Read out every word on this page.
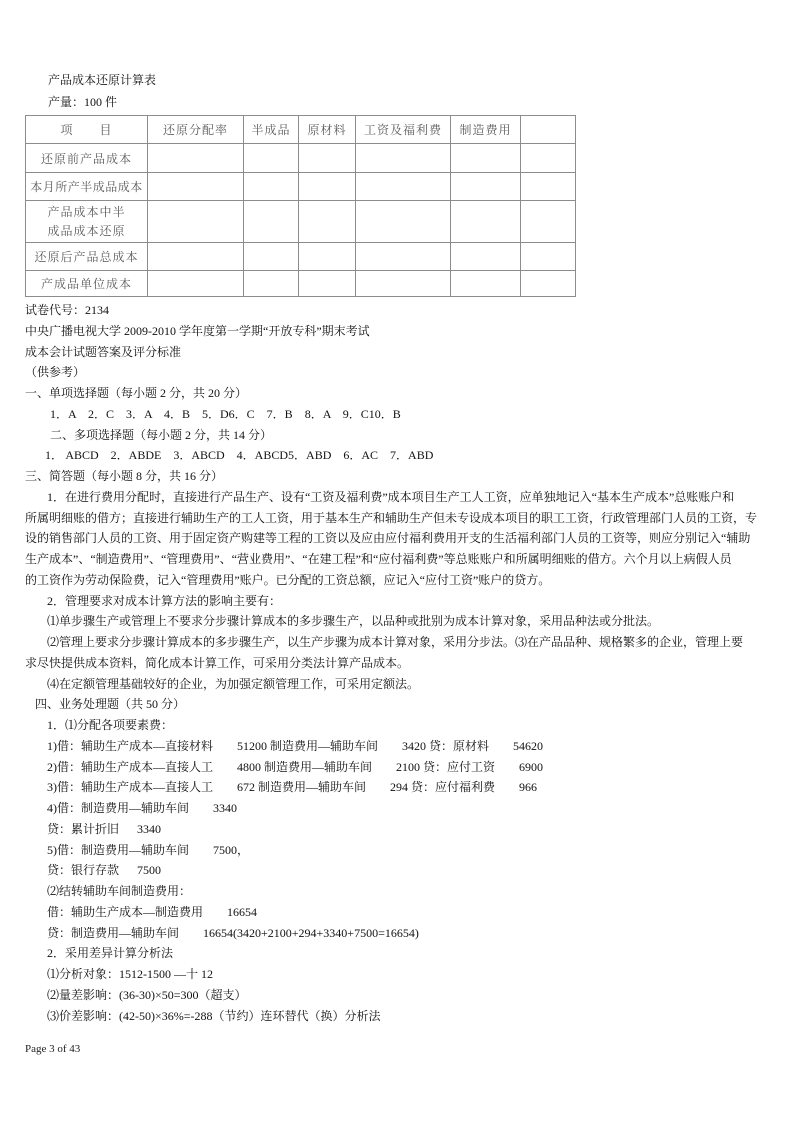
产品成本还原计算表
产量：100 件
项　　目	还原分配率	半成品	原材料	工资及福利费	制造费用	
还原前产品成本						
本月所产半成品成本						

产品成本中半
成品成本还原						

还原后产品总成本						
产成品单位成本						
试卷代号：2134
中央广播电视大学 2009-2010 学年度第一学期“开放专科”期末考试
成本会计试题答案及评分标准
（供参考）
一、单项选择题（每小题 2 分，共 20 分）
1．A    2．C    3．A    4．B    5．D6．C    7．B    8．A    9．C10．B
二、多项选择题（每小题 2 分，共 14 分）
1． ABCD    2．ABDE    3．ABCD    4．ABCD5．ABD    6．AC    7．ABD
三、简答题（每小题 8 分，共 16 分）
1．在进行费用分配时，直接进行产品生产、设有“工资及福利费”成本项目生产工人工资，应单独地记入“基本生产成本”总账账户和
所属明细账的借方；直接进行辅助生产的工人工资，用于基本生产和辅助生产但未专设成本项目的职工工资，行政管理部门人员的工资，专
设的销售部门人员的工资、用于固定资产购建等工程的工资以及应由应付福利费用开支的生活福利部门人员的工资等，则应分别记入“辅助
生产成本”、“制造费用”、“管理费用”、“营业费用”、“在建工程”和“应付福利费”等总账账户和所属明细账的借方。六个月以上病假人员
的工资作为劳动保险费，记入“管理费用”账户。已分配的工资总额，应记入“应付工资”账户的贷方。
2．管理要求对成本计算方法的影响主要有：
⑴单步骤生产或管理上不要求分步骤计算成本的多步骤生产，以品种或批别为成本计算对象，采用品种法或分批法。
⑵管理上要求分步骤计算成本的多步骤生产，以生产步骤为成本计算对象，采用分步法。⑶在产品品种、规格繁多的企业，管理上要
求尽快提供成本资料，简化成本计算工作，可采用分类法计算产品成本。
⑷在定额管理基础较好的企业，为加强定额管理工作，可采用定额法。
四、业务处理题（共 50 分）
1．⑴分配各项要素费：
1)借：辅助生产成本—直接材料        51200 制造费用—辅助车间        3420 贷：原材料        54620
2)借：辅助生产成本—直接人工        4800 制造费用—辅助车间        2100 贷：应付工资        6900
3)借：辅助生产成本—直接人工        672 制造费用—辅助车间        294 贷：应付福利费        966
4)借：制造费用—辅助车间        3340
贷：累计折旧      3340
5)借：制造费用—辅助车间        7500，
贷：银行存款      7500
⑵结转辅助车间制造费用：
借：辅助生产成本—制造费用        16654
贷：制造费用—辅助车间        16654(3420+2100+294+3340+7500=16654)
2．采用差异计算分析法
⑴分析对象：1512-1500 —十 12
⑵量差影响：(36-30)×50=300（超支）
⑶价差影响：(42-50)×36%=-288（节约）连环替代（换）分析法
Page 3 of 43
